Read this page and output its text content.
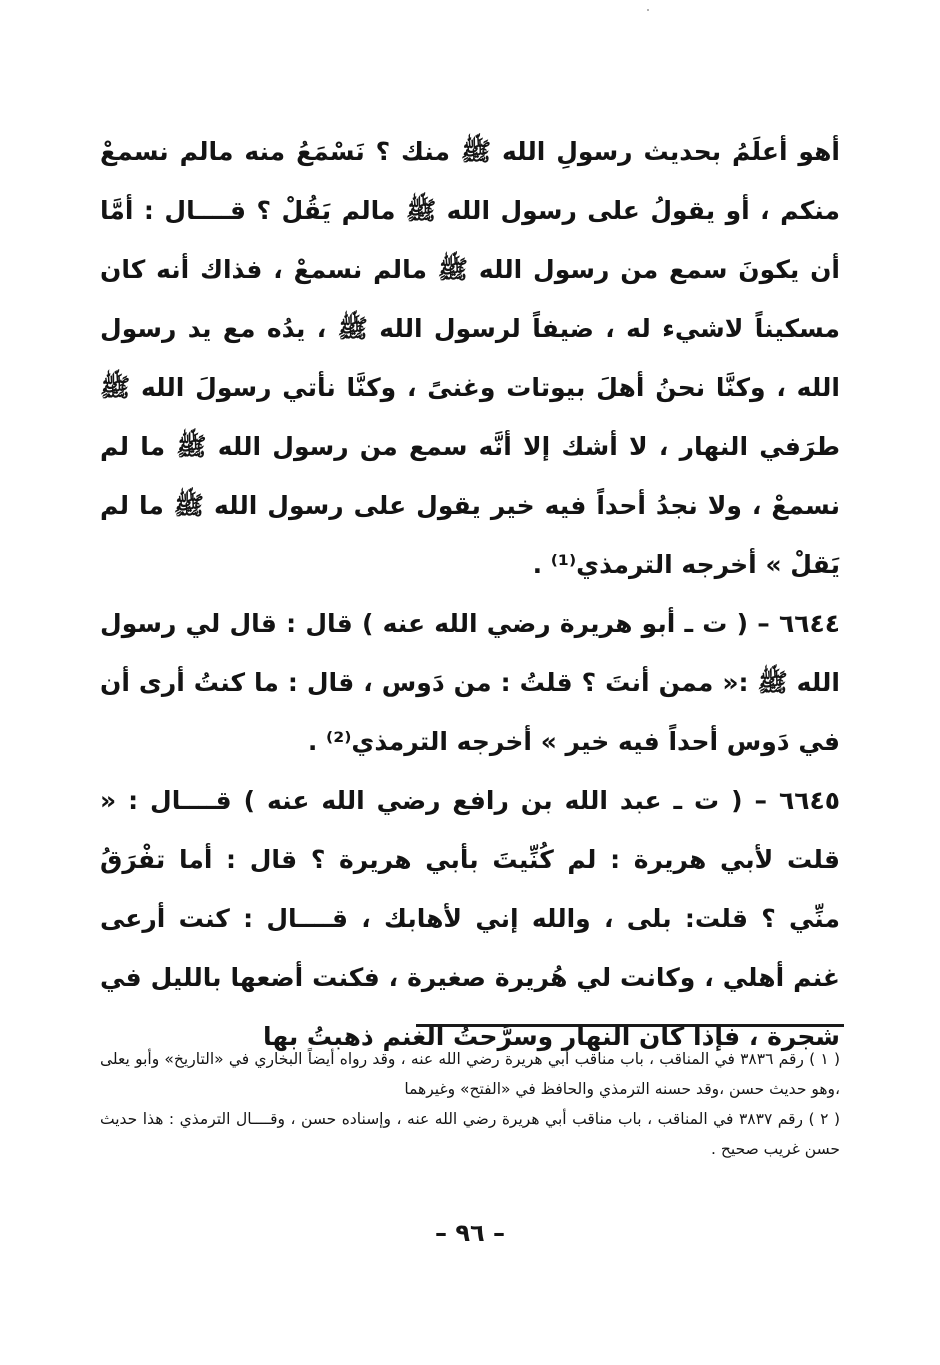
أهو أعلَمُ بحديث رسولِ الله ﷺ منك ؟ نَسْمَعُ منه مالم نسمعْ منكم ، أو يقولُ على رسول الله ﷺ مالم يَقُلْ ؟ قــــال : أمَّا أن يكونَ سمع من رسول الله ﷺ مالم نسمعْ ، فذاك أنه كان مسكيناً لاشيء له ، ضيفاً لرسول الله ﷺ ، يدُه مع يد رسول الله ، وكنَّا نحنُ أهلَ بيوتات وغنىً ، وكنَّا نأتي رسولَ الله ﷺ طرَفي النهار ، لا أشك إلا أنَّه سمع من رسول الله ﷺ ما لم نسمعْ ، ولا نجدُ أحداً فيه خير يقول على رسول الله ﷺ ما لم يَقلْ » أخرجه الترمذي⁽¹⁾ .

٦٦٤٤ – ( ت ـ أبو هريرة رضي الله عنه ) قال : قال لي رسول الله ﷺ :« ممن أنتَ ؟ قلتُ : من دَوس ، قال : ما كنتُ أرى أن في دَوس أحداً فيه خير » أخرجه الترمذي⁽²⁾ .

٦٦٤٥ – ( ت ـ عبد الله بن رافع رضي الله عنه ) قــــال : « قلت لأبي هريرة : لم كُنِّيتَ بأبي هريرة ؟ قال : أما تفْرَقُ منِّي ؟ قلت: بلى ، والله إني لأهابك ، قــــال : كنت أرعى غنم أهلي ، وكانت لي هُريرة صغيرة ، فكنت أضعها بالليل في شجرة ، فإذا كان النهار وسرَّحتُ الغنم ذهبتُ بها

( ١ ) رقم ٣٨٣٦ في المناقب ، باب مناقب أبي هريرة رضي الله عنه ، وقد رواه أيضاً البخاري في «التاريخ» وأبو يعلى ،وهو حديث حسن ،وقد حسنه الترمذي والحافظ في «الفتح» وغيرهما

( ٢ ) رقم ٣٨٣٧ في المناقب ، باب مناقب أبي هريرة رضي الله عنه ، وإسناده حسن ، وقــــال الترمذي : هذا حديث حسن غريب صحيح .

– ٩٦ –
